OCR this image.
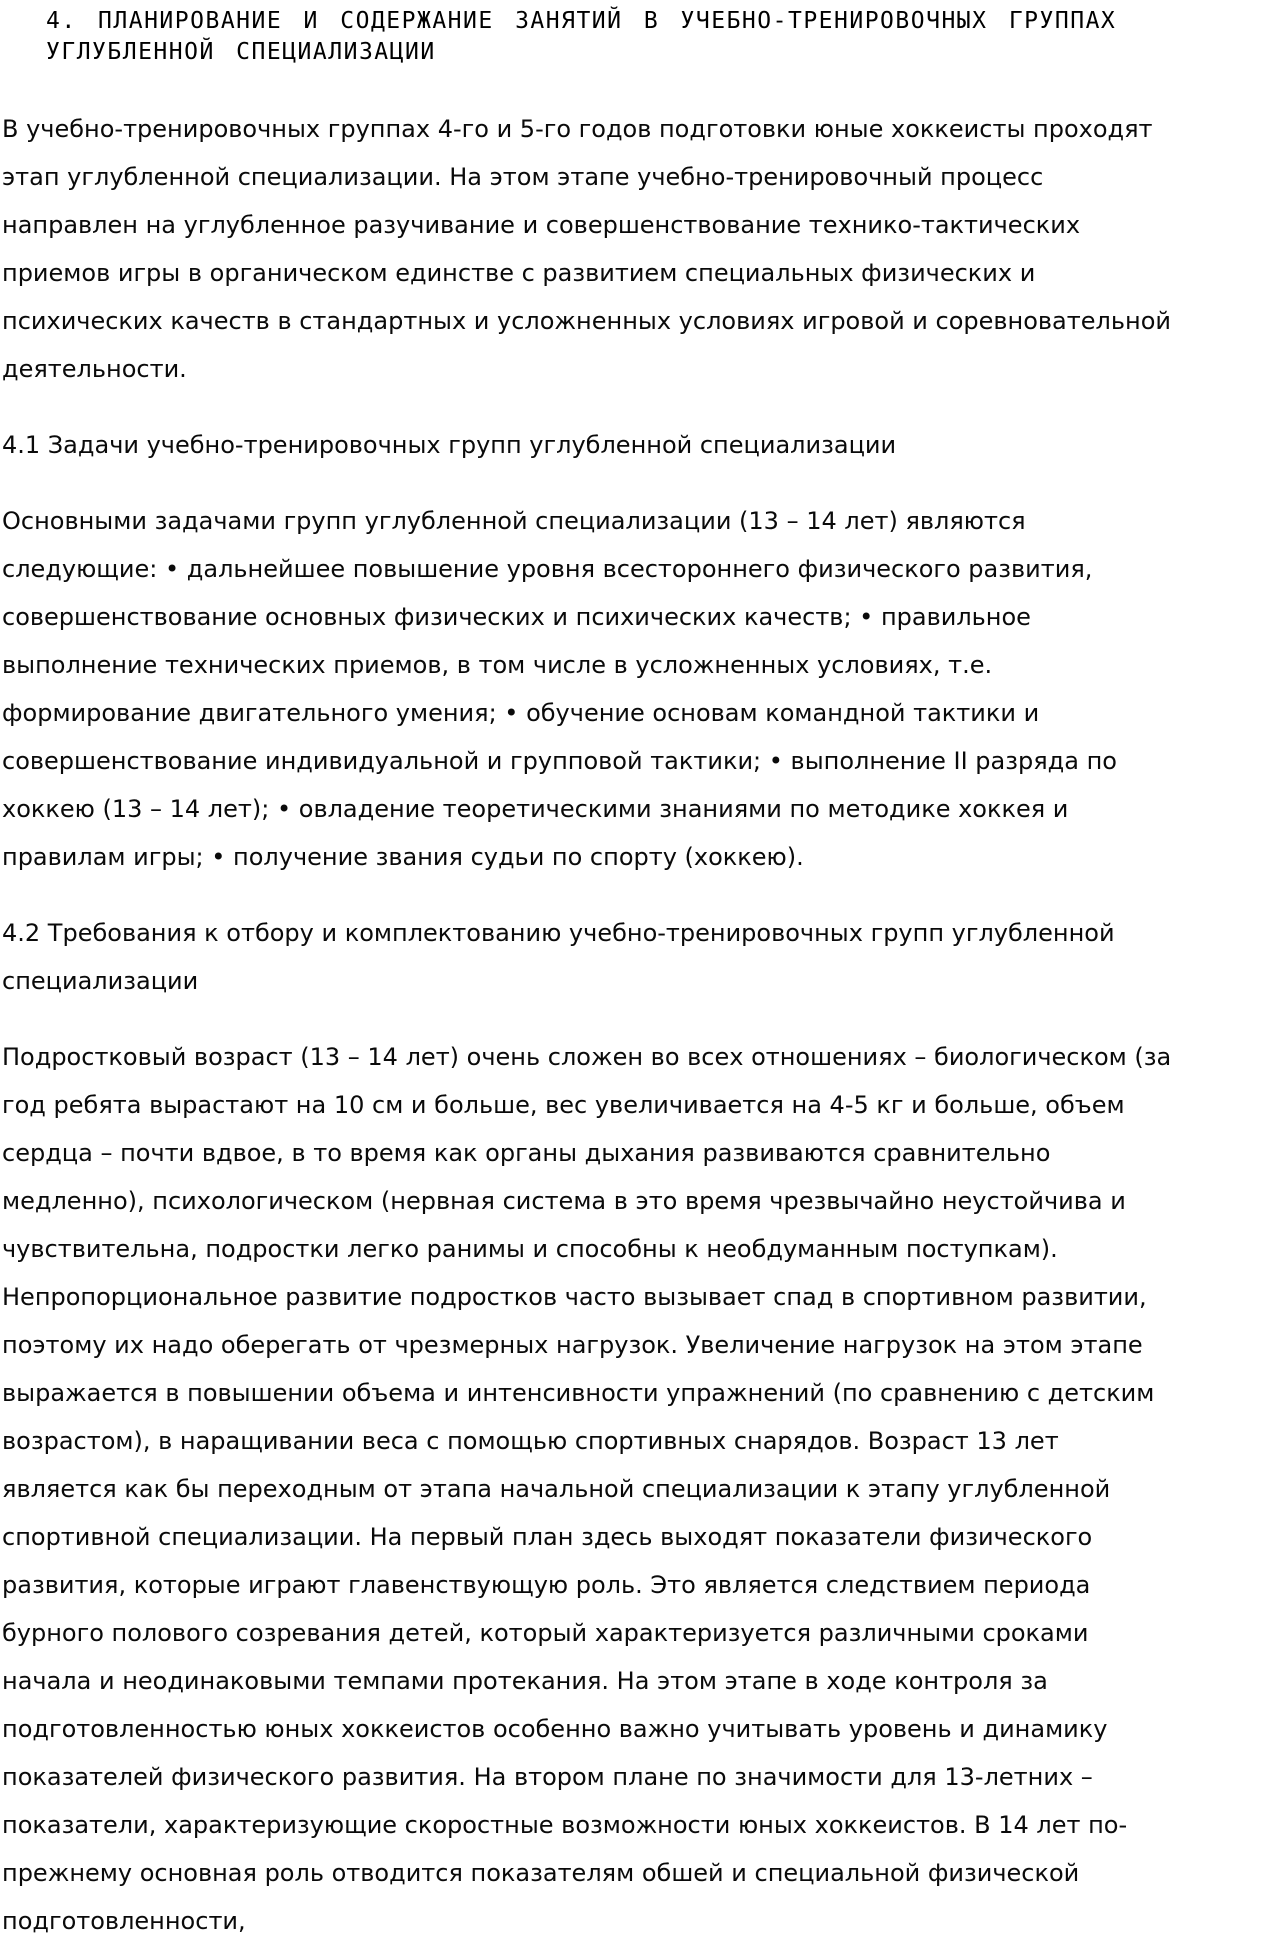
4. ПЛАНИРОВАНИЕ И СОДЕРЖАНИЕ ЗАНЯТИЙ В УЧЕБНО-ТРЕНИРОВОЧНЫХ ГРУППАХ
УГЛУБЛЕННОЙ СПЕЦИАЛИЗАЦИИ
В учебно-тренировочных группах 4-го и 5-го годов подготовки юные хоккеисты проходят
этап углубленной специализации. На этом этапе учебно-тренировочный процесс
направлен на углубленное разучивание и совершенствование технико-тактических
приемов игры в органическом единстве с развитием специальных физических и
психических качеств в стандартных и усложненных условиях игровой и соревновательной
деятельности.
4.1 Задачи учебно-тренировочных групп углубленной специализации
Основными задачами групп углубленной специализации (13 – 14 лет) являются
следующие: • дальнейшее повышение уровня всестороннего физического развития,
совершенствование основных физических и психических качеств; • правильное
выполнение технических приемов, в том числе в усложненных условиях, т.е.
формирование двигательного умения; • обучение основам командной тактики и
совершенствование индивидуальной и групповой тактики; • выполнение II разряда по
хоккею (13 – 14 лет); • овладение теоретическими знаниями по методике хоккея и
правилам игры; • получение звания судьи по спорту (хоккею).
4.2 Требования к отбору и комплектованию учебно-тренировочных групп углубленной
специализации
Подростковый возраст (13 – 14 лет) очень сложен во всех отношениях – биологическом (за
год ребята вырастают на 10 см и больше, вес увеличивается на 4-5 кг и больше, объем
сердца – почти вдвое, в то время как органы дыхания развиваются сравнительно
медленно), психологическом (нервная система в это время чрезвычайно неустойчива и
чувствительна, подростки легко ранимы и способны к необдуманным поступкам).
Непропорциональное развитие подростков часто вызывает спад в спортивном развитии,
поэтому их надо оберегать от чрезмерных нагрузок. Увеличение нагрузок на этом этапе
выражается в повышении объема и интенсивности упражнений (по сравнению с детским
возрастом), в наращивании веса с помощью спортивных снарядов. Возраст 13 лет
является как бы переходным от этапа начальной специализации к этапу углубленной
спортивной специализации. На первый план здесь выходят показатели физического
развития, которые играют главенствующую роль. Это является следствием периода
бурного полового созревания детей, который характеризуется различными сроками
начала и неодинаковыми темпами протекания. На этом этапе в ходе контроля за
подготовленностью юных хоккеистов особенно важно учитывать уровень и динамику
показателей физического развития. На втором плане по значимости для 13-летних –
показатели, характеризующие скоростные возможности юных хоккеистов. В 14 лет по-
прежнему основная роль отводится показателям обшей и специальной физической
подготовленности,
